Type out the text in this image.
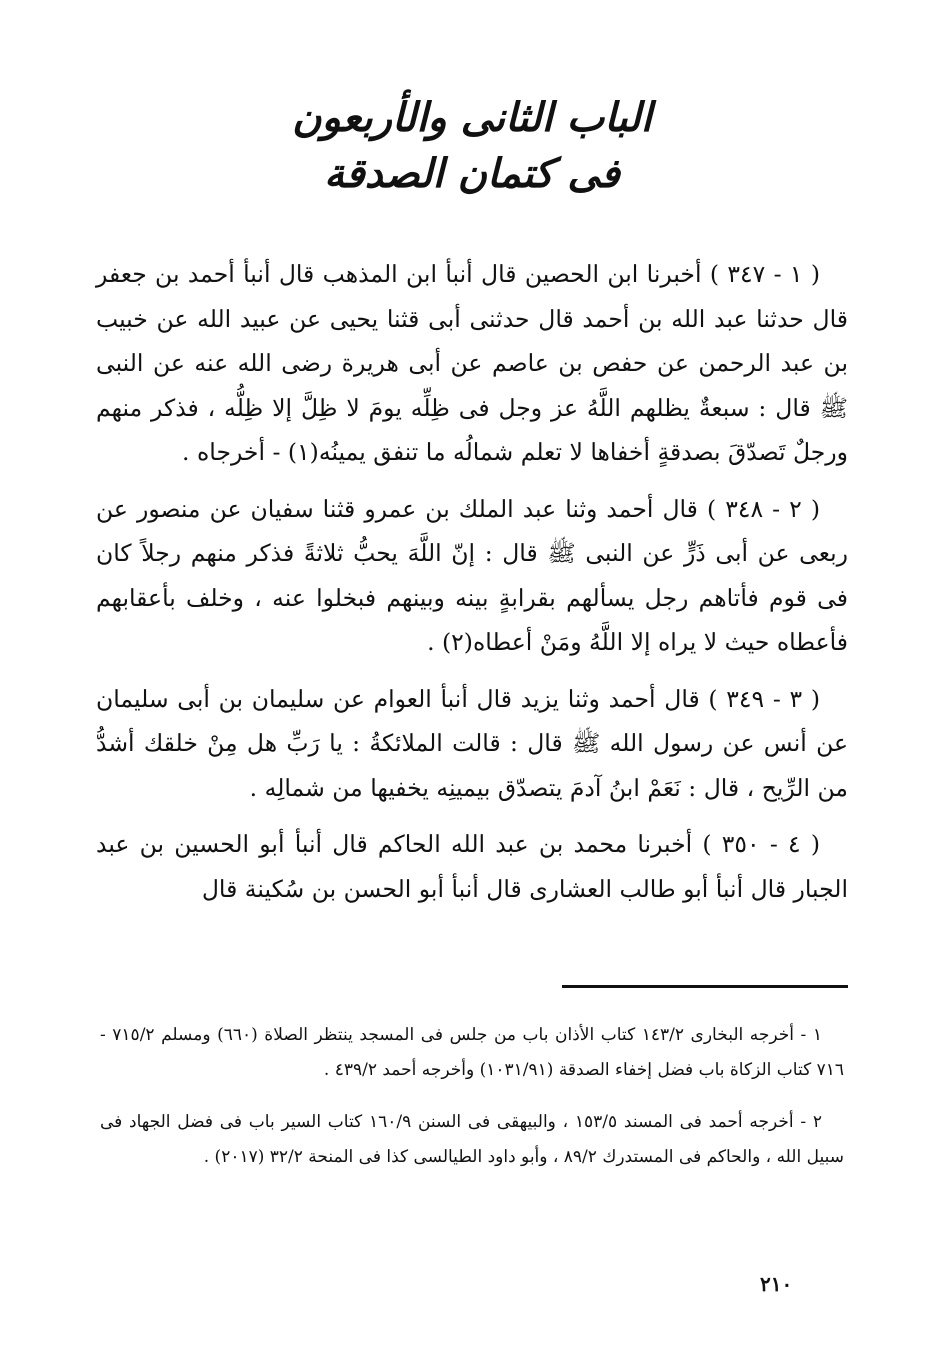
الباب الثانى والأربعون
فى كتمان الصدقة

( ١ - ٣٤٧ ) أخبرنا ابن الحصين قال أنبأ ابن المذهب قال أنبأ أحمد بن جعفر قال حدثنا عبد الله بن أحمد قال حدثنى أبى قثنا يحيى عن عبيد الله عن خبيب بن عبد الرحمن عن حفص بن عاصم عن أبى هريرة رضى الله عنه عن النبى ﷺ قال : سبعةٌ يظلهم اللَّهُ عز وجل فى ظِلِّه يومَ لا ظِلَّ إلا ظِلُّه ، فذكر منهم ورجلٌ تَصدّقَ بصدقةٍ أخفاها لا تعلم شمالُه ما تنفق يمينُه(١) - أخرجاه .

( ٢ - ٣٤٨ ) قال أحمد وثنا عبد الملك بن عمرو قثنا سفيان عن منصور عن ربعى عن أبى ذَرٍّ عن النبى ﷺ قال : إنّ اللَّهَ يحبُّ ثلاثةً فذكر منهم رجلاً كان فى قوم فأتاهم رجل يسألهم بقرابةٍ بينه وبينهم فبخلوا عنه ، وخلف بأعقابهم فأعطاه حيث لا يراه إلا اللَّهُ ومَنْ أعطاه(٢) .

( ٣ - ٣٤٩ ) قال أحمد وثنا يزيد قال أنبأ العوام عن سليمان بن أبى سليمان عن أنس عن رسول الله ﷺ قال : قالت الملائكةُ : يا رَبِّ هل مِنْ خلقك أشدُّ من الرِّيح ، قال : نَعَمْ ابنُ آدمَ يتصدّق بيمينِه يخفيها من شمالِه .

( ٤ - ٣٥٠ ) أخبرنا محمد بن عبد الله الحاكم قال أنبأ أبو الحسين بن عبد الجبار قال أنبأ أبو طالب العشارى قال أنبأ أبو الحسن بن سُكينة قال

١ - أخرجه البخارى ١٤٣/٢ كتاب الأذان باب من جلس فى المسجد ينتظر الصلاة (٦٦٠) ومسلم ٧١٥/٢ - ٧١٦ كتاب الزكاة باب فضل إخفاء الصدقة (١٠٣١/٩١) وأخرجه أحمد ٤٣٩/٢ .

٢ - أخرجه أحمد فى المسند ١٥٣/٥ ، والبيهقى فى السنن ١٦٠/٩ كتاب السير باب فى فضل الجهاد فى سبيل الله ، والحاكم فى المستدرك ٨٩/٢ ، وأبو داود الطيالسى كذا فى المنحة ٣٢/٢ (٢٠١٧) .

٢١٠
